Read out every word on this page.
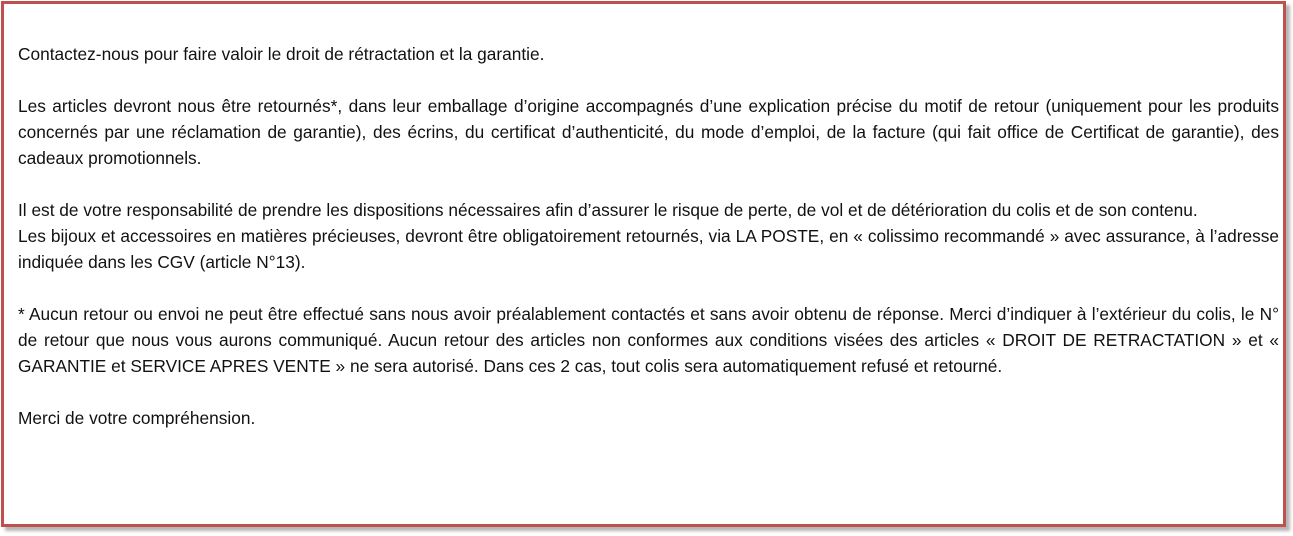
Contactez-nous pour faire valoir le droit de rétractation et la garantie.

Les articles devront nous être retournés*, dans leur emballage d’origine accompagnés d’une explication précise du motif de retour (uniquement pour les produits concernés par une réclamation de garantie), des écrins, du certificat d’authenticité, du mode d’emploi, de la facture (qui fait office de Certificat de garantie), des cadeaux promotionnels.

Il est de votre responsabilité de prendre les dispositions nécessaires afin d’assurer le risque de perte, de vol et de détérioration du colis et de son contenu.

Les bijoux et accessoires en matières précieuses, devront être obligatoirement retournés, via LA POSTE, en « colissimo recommandé » avec assurance, à l’adresse indiquée dans les CGV (article N°13).

* Aucun retour ou envoi ne peut être effectué sans nous avoir préalablement contactés et sans avoir obtenu de réponse. Merci d’indiquer à l’extérieur du colis, le N° de retour que nous vous aurons communiqué. Aucun retour des articles non conformes aux conditions visées des articles « DROIT DE RETRACTATION » et « GARANTIE et SERVICE APRES VENTE » ne sera autorisé. Dans ces 2 cas, tout colis sera automatiquement refusé et retourné.

Merci de votre compréhension.
